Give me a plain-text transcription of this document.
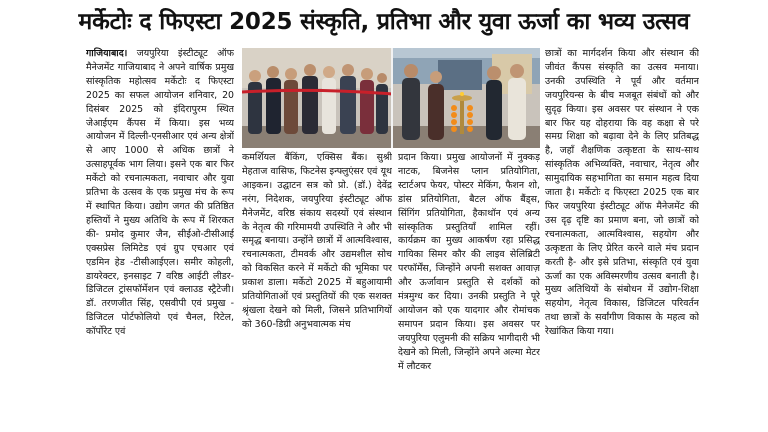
मर्केटोः द फिएस्टा 2025 संस्कृति, प्रतिभा और युवा ऊर्जा का भव्य उत्सव

गाजियाबाद। जयपुरिया इंस्टीट्यूट ऑफ मैनेजमेंट गाजियाबाद ने अपने वार्षिक प्रमुख सांस्कृतिक महोत्सव मर्केटोः द फिएस्टा 2025 का सफल आयोजन शनिवार, 20 दिसंबर 2025 को इंदिरापुरम स्थित जेआईएम कैंपस में किया। इस भव्य आयोजन में दिल्ली-एनसीआर एवं अन्य क्षेत्रों से आए 1000 से अधिक छात्रों ने उत्साहपूर्वक भाग लिया। इसने एक बार फिर मर्केटो को रचनात्मकता, नवाचार और युवा प्रतिभा के उत्सव के एक प्रमुख मंच के रूप में स्थापित किया। उद्योग जगत की प्रतिष्ठित हस्तियों ने मुख्य अतिथि के रूप में शिरकत की- प्रमोद कुमार जैन, सीईओ-टीसीआई एक्सप्रेस लिमिटेड एवं ग्रुप एचआर एवं एडमिन हेड -टीसीआईएल। समीर कोहली, डायरेक्टर, इनसाइट 7 वरिष्ठ आईटी लीडर- डिजिटल ट्रांसफॉर्मेशन एवं क्लाउड स्ट्रैटेजी। डॉ. तरणजीत सिंह, एसवीपी एवं प्रमुख - डिजिटल पोर्टफोलियो एवं चैनल, रिटेल, कॉर्पोरेट एवं

कमर्शियल बैंकिंग, एक्सिस बैंक। सुश्री मेहताज वासिफ, फिटनेस इन्फ्लुएंसर एवं यूथ आइकन। उद्घाटन सत्र को प्रो. (डॉ.) देवेंद्र नरंग, निदेशक, जयपुरिया इंस्टीट्यूट ऑफ मैनेजमेंट, वरिष्ठ संकाय सदस्यों एवं संस्थान के नेतृत्व की गरिमामयी उपस्थिति ने और भी समृद्ध बनाया। उन्होंने छात्रों में आत्मविश्वास, रचनात्मकता, टीमवर्क और उद्यमशील सोच को विकसित करने में मर्केटो की भूमिका पर प्रकाश डाला। मर्केटो 2025 में बहुआयामी प्रतियोगिताओं एवं प्रस्तुतियों की एक सशक्त श्रृंखला देखने को मिली, जिसने प्रतिभागियों को 360-डिग्री अनुभवात्मक मंच

प्रदान किया। प्रमुख आयोजनों में नुक्कड़ नाटक, बिजनेस प्लान प्रतियोगिता, स्टार्टअप फेयर, पोस्टर मेकिंग, फैशन शो, डांस प्रतियोगिता, बैटल ऑफ बैंड्स, सिंगिंग प्रतियोगिता, हैकाथॉन एवं अन्य सांस्कृतिक प्रस्तुतियाँ शामिल रहीं। कार्यक्रम का मुख्य आकर्षण रहा प्रसिद्ध गायिका सिमर कौर की लाइव सेलिब्रिटी परफॉर्मेंस, जिन्होंने अपनी सशक्त आवाज़ और ऊर्जावान प्रस्तुति से दर्शकों को मंत्रमुग्ध कर दिया। उनकी प्रस्तुति ने पूरे आयोजन को एक यादगार और रोमांचक समापन प्रदान किया। इस अवसर पर जयपुरिया एलुमनी की सक्रिय भागीदारी भी देखने को मिली, जिन्होंने अपने अल्मा मेटर में लौटकर

छात्रों का मार्गदर्शन किया और संस्थान की जीवंत कैंपस संस्कृति का उत्सव मनाया। उनकी उपस्थिति ने पूर्व और वर्तमान जयपुरियन्स के बीच मजबूत संबंधों को और सुदृढ़ किया। इस अवसर पर संस्थान ने एक बार फिर यह दोहराया कि वह कक्षा से परे समग्र शिक्षा को बढ़ावा देने के लिए प्रतिबद्ध है, जहाँ शैक्षणिक उत्कृष्टता के साथ-साथ सांस्कृतिक अभिव्यक्ति, नवाचार, नेतृत्व और सामुदायिक सहभागिता का समान महत्व दिया जाता है। मर्केटोः द फिएस्टा 2025 एक बार फिर जयपुरिया इंस्टीट्यूट ऑफ मैनेजमेंट की उस दृढ़ दृष्टि का प्रमाण बना, जो छात्रों को रचनात्मकता, आत्मविश्वास, सहयोग और उत्कृष्टता के लिए प्रेरित करने वाले मंच प्रदान करती है- और इसे प्रतिभा, संस्कृति एवं युवा ऊर्जा का एक अविस्मरणीय उत्सव बनाती है। मुख्य अतिथियों के संबोधन में उद्योग-शिक्षा सहयोग, नेतृत्व विकास, डिजिटल परिवर्तन तथा छात्रों के सर्वांगीण विकास के महत्व को रेखांकित किया गया।
